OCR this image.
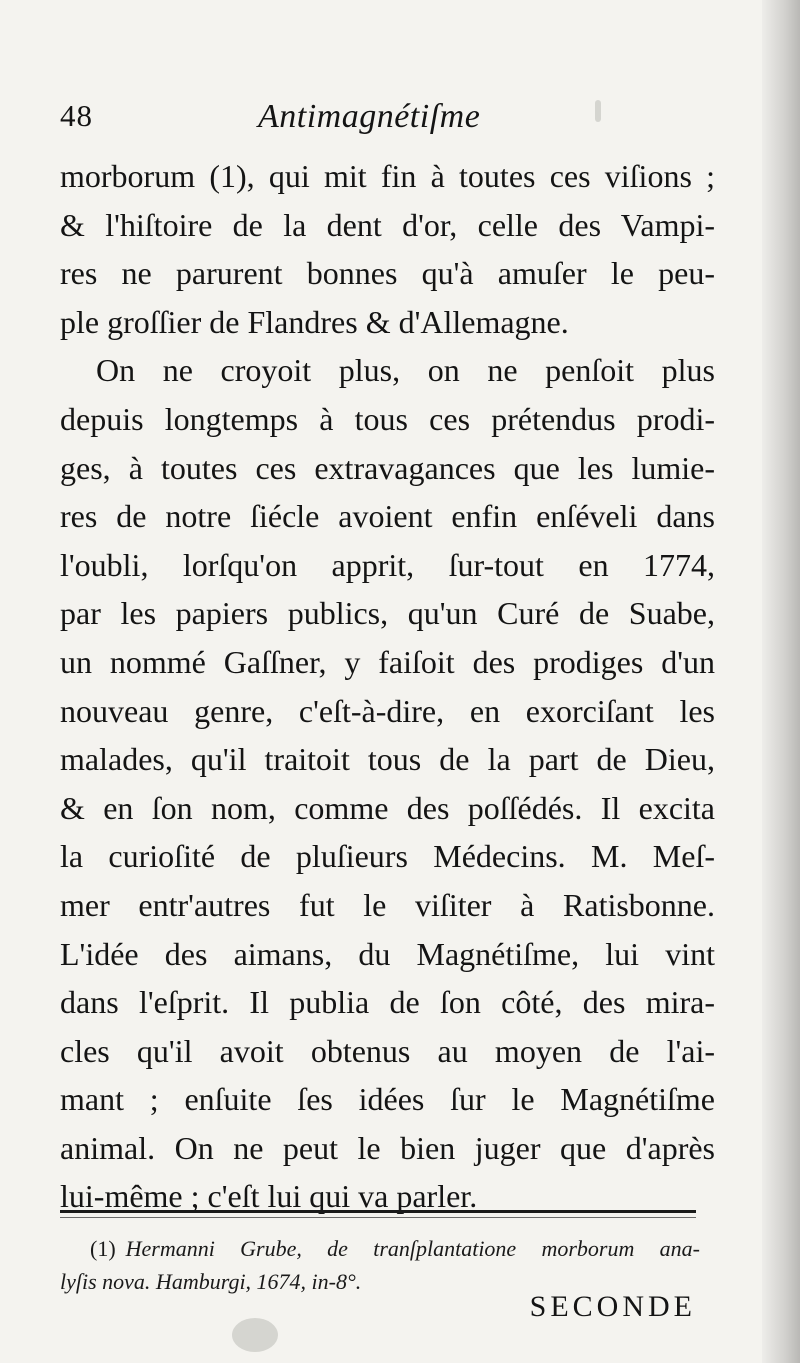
48	Antimagnétiſme
morborum (1), qui mit fin à toutes ces viſions ;
& l'hiſtoire de la dent d'or, celle des Vampi-
res ne parurent bonnes qu'à amuſer le peu-
ple groſſier de Flandres & d'Allemagne.
On ne croyoit plus, on ne penſoit plus
depuis longtemps à tous ces prétendus prodi-
ges, à toutes ces extravagances que les lumie-
res de notre ſiécle avoient enfin enſéveli dans
l'oubli, lorſqu'on apprit, ſur-tout en 1774,
par les papiers publics, qu'un Curé de Suabe,
un nommé Gaſſner, y faiſoit des prodiges d'un
nouveau genre, c'eſt-à-dire, en exorciſant les
malades, qu'il traitoit tous de la part de Dieu,
& en ſon nom, comme des poſſédés. Il excita
la curioſité de pluſieurs Médecins. M. Meſ-
mer entr'autres fut le viſiter à Ratisbonne.
L'idée des aimans, du Magnétiſme, lui vint
dans l'eſprit. Il publia de ſon côté, des mira-
cles qu'il avoit obtenus au moyen de l'ai-
mant ; enſuite ſes idées ſur le Magnétiſme
animal. On ne peut le bien juger que d'après
lui-même ; c'eſt lui qui va parler.
(1) Hermanni Grube, de tranſplantatione morborum ana-
lyſis nova. Hamburgi, 1674, in-8°.
SECONDE
